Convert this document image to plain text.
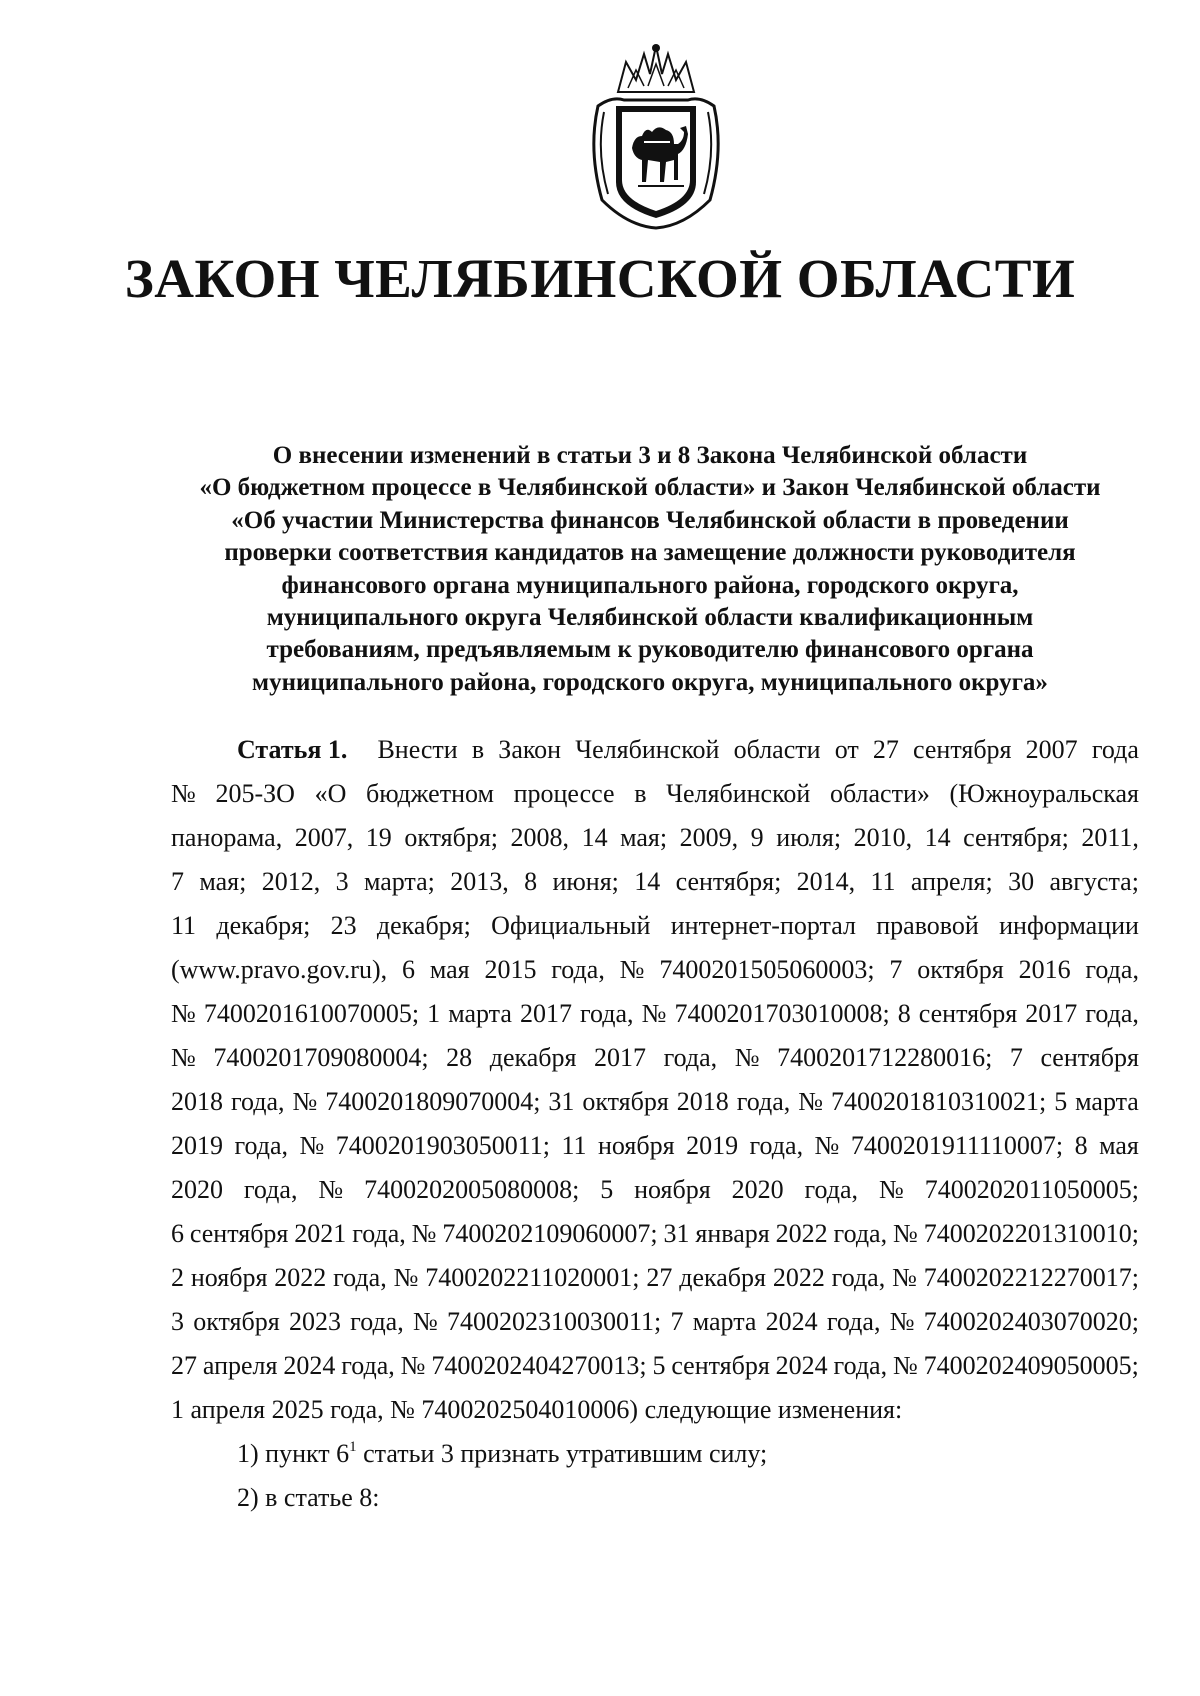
ЗАКОН ЧЕЛЯБИНСКОЙ ОБЛАСТИ
О внесении изменений в статьи 3 и 8 Закона Челябинской области
«О бюджетном процессе в Челябинской области» и Закон Челябинской области
«Об участии Министерства финансов Челябинской области в проведении
проверки соответствия кандидатов на замещение должности руководителя
финансового органа муниципального района, городского округа,
муниципального округа Челябинской области квалификационным
требованиям, предъявляемым к руководителю финансового органа
муниципального района, городского округа, муниципального округа»
Статья 1. Внести в Закон Челябинской области от 27 сентября 2007 года
№ 205-ЗО «О бюджетном процессе в Челябинской области» (Южноуральская
панорама, 2007, 19 октября; 2008, 14 мая; 2009, 9 июля; 2010, 14 сентября; 2011,
7 мая; 2012, 3 марта; 2013, 8 июня; 14 сентября; 2014, 11 апреля; 30 августа;
11 декабря; 23 декабря; Официальный интернет-портал правовой информации
(www.pravo.gov.ru), 6 мая 2015 года, № 7400201505060003; 7 октября 2016 года,
№ 7400201610070005; 1 марта 2017 года, № 7400201703010008; 8 сентября 2017 года,
№ 7400201709080004; 28 декабря 2017 года, № 7400201712280016; 7 сентября
2018 года, № 7400201809070004; 31 октября 2018 года, № 7400201810310021; 5 марта
2019 года, № 7400201903050011; 11 ноября 2019 года, № 7400201911110007; 8 мая
2020 года, № 7400202005080008; 5 ноября 2020 года, № 7400202011050005;
6 сентября 2021 года, № 7400202109060007; 31 января 2022 года, № 7400202201310010;
2 ноября 2022 года, № 7400202211020001; 27 декабря 2022 года, № 7400202212270017;
3 октября 2023 года, № 7400202310030011; 7 марта 2024 года, № 7400202403070020;
27 апреля 2024 года, № 7400202404270013; 5 сентября 2024 года, № 7400202409050005;
1 апреля 2025 года, № 7400202504010006) следующие изменения:
1) пункт $6^1$ статьи 3 признать утратившим силу;
2) в статье 8:
